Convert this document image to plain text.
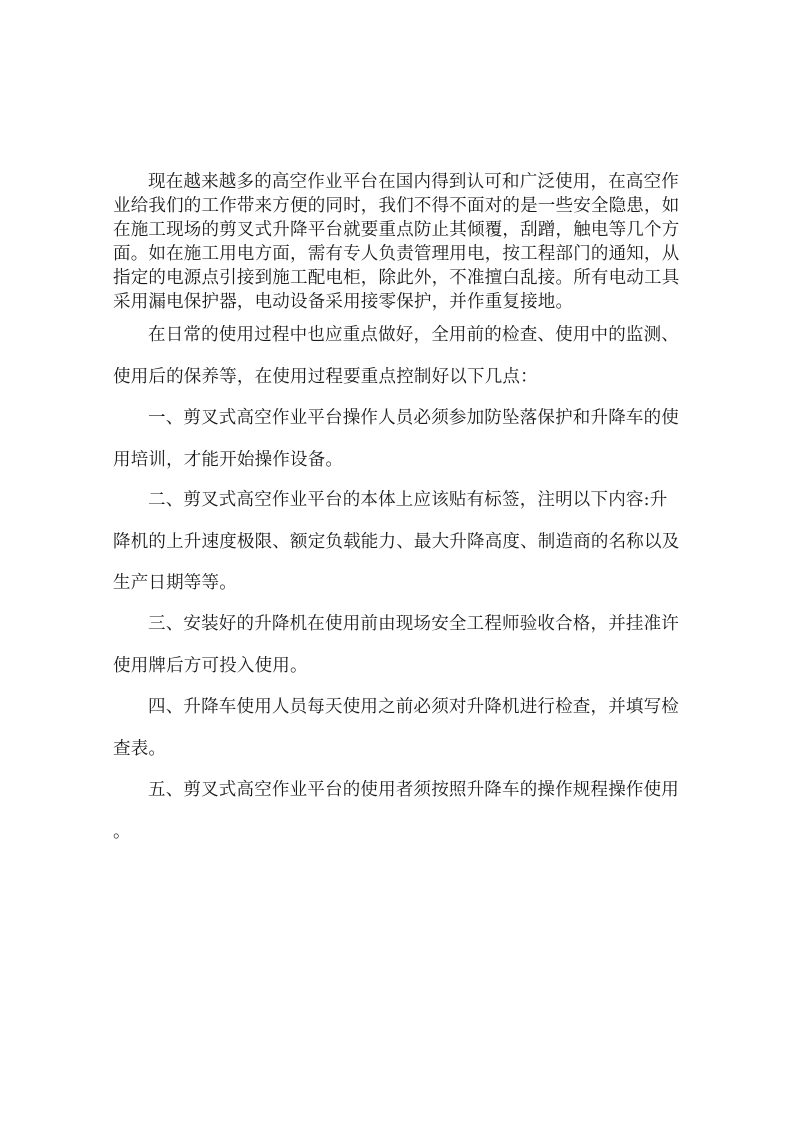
现在越来越多的高空作业平台在国内得到认可和广泛使用，在高空作
业给我们的工作带来方便的同时，我们不得不面对的是一些安全隐患，如
在施工现场的剪叉式升降平台就要重点防止其倾覆，刮蹭，触电等几个方
面。如在施工用电方面，需有专人负责管理用电，按工程部门的通知，从
指定的电源点引接到施工配电柜，除此外，不准擅白乱接。所有电动工具
采用漏电保护器，电动设备采用接零保护，并作重复接地。
在日常的使用过程中也应重点做好，全用前的检查、使用中的监测、
使用后的保养等，在使用过程要重点控制好以下几点：
一、剪叉式高空作业平台操作人员必须参加防坠落保护和升降车的使
用培训，才能开始操作设备。
二、剪叉式高空作业平台的本体上应该贴有标签，注明以下内容:升
降机的上升速度极限、额定负载能力、最大升降高度、制造商的名称以及
生产日期等等。
三、安装好的升降机在使用前由现场安全工程师验收合格，并挂准许
使用牌后方可投入使用。
四、升降车使用人员每天使用之前必须对升降机进行检查，并填写检
查表。
五、剪叉式高空作业平台的使用者须按照升降车的操作规程操作使用
。
